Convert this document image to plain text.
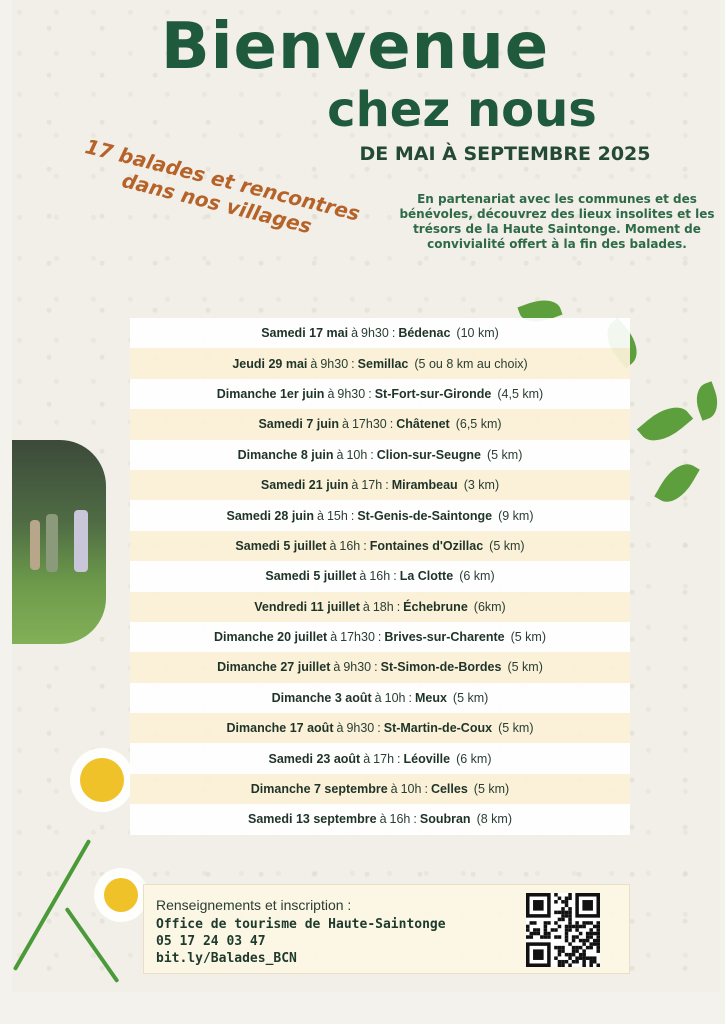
Bienvenue
chez nous
DE MAI À SEPTEMBRE 2025
17 balades et rencontres dans nos villages	En partenariat avec les communes et des bénévoles, découvrez des lieux insolites et les trésors de la Haute Saintonge. Moment de convivialité offert à la fin des balades.
Samedi 17 mai à 9h30 : Bédenac (10 km)
Jeudi 29 mai à 9h30 : Semillac (5 ou 8 km au choix)
Dimanche 1er juin à 9h30 : St-Fort-sur-Gironde (4,5 km)
Samedi 7 juin à 17h30 : Châtenet (6,5 km)
Dimanche 8 juin à 10h : Clion-sur-Seugne (5 km)
Samedi 21 juin à 17h : Mirambeau (3 km)
Samedi 28 juin à 15h : St-Genis-de-Saintonge (9 km)
Samedi 5 juillet à 16h : Fontaines d'Ozillac (5 km)
Samedi 5 juillet à 16h : La Clotte (6 km)
Vendredi 11 juillet à 18h : Échebrune (6km)
Dimanche 20 juillet à 17h30 : Brives-sur-Charente (5 km)
Dimanche 27 juillet à 9h30 : St-Simon-de-Bordes (5 km)
Dimanche 3 août à 10h : Meux (5 km)
Dimanche 17 août à 9h30 : St-Martin-de-Coux (5 km)
Samedi 23 août à 17h : Léoville (6 km)
Dimanche 7 septembre à 10h : Celles (5 km)
Samedi 13 septembre à 16h : Soubran (8 km)
Renseignements et inscription :
Office de tourisme de Haute-Saintonge
05 17 24 03 47
bit.ly/Balades_BCN
